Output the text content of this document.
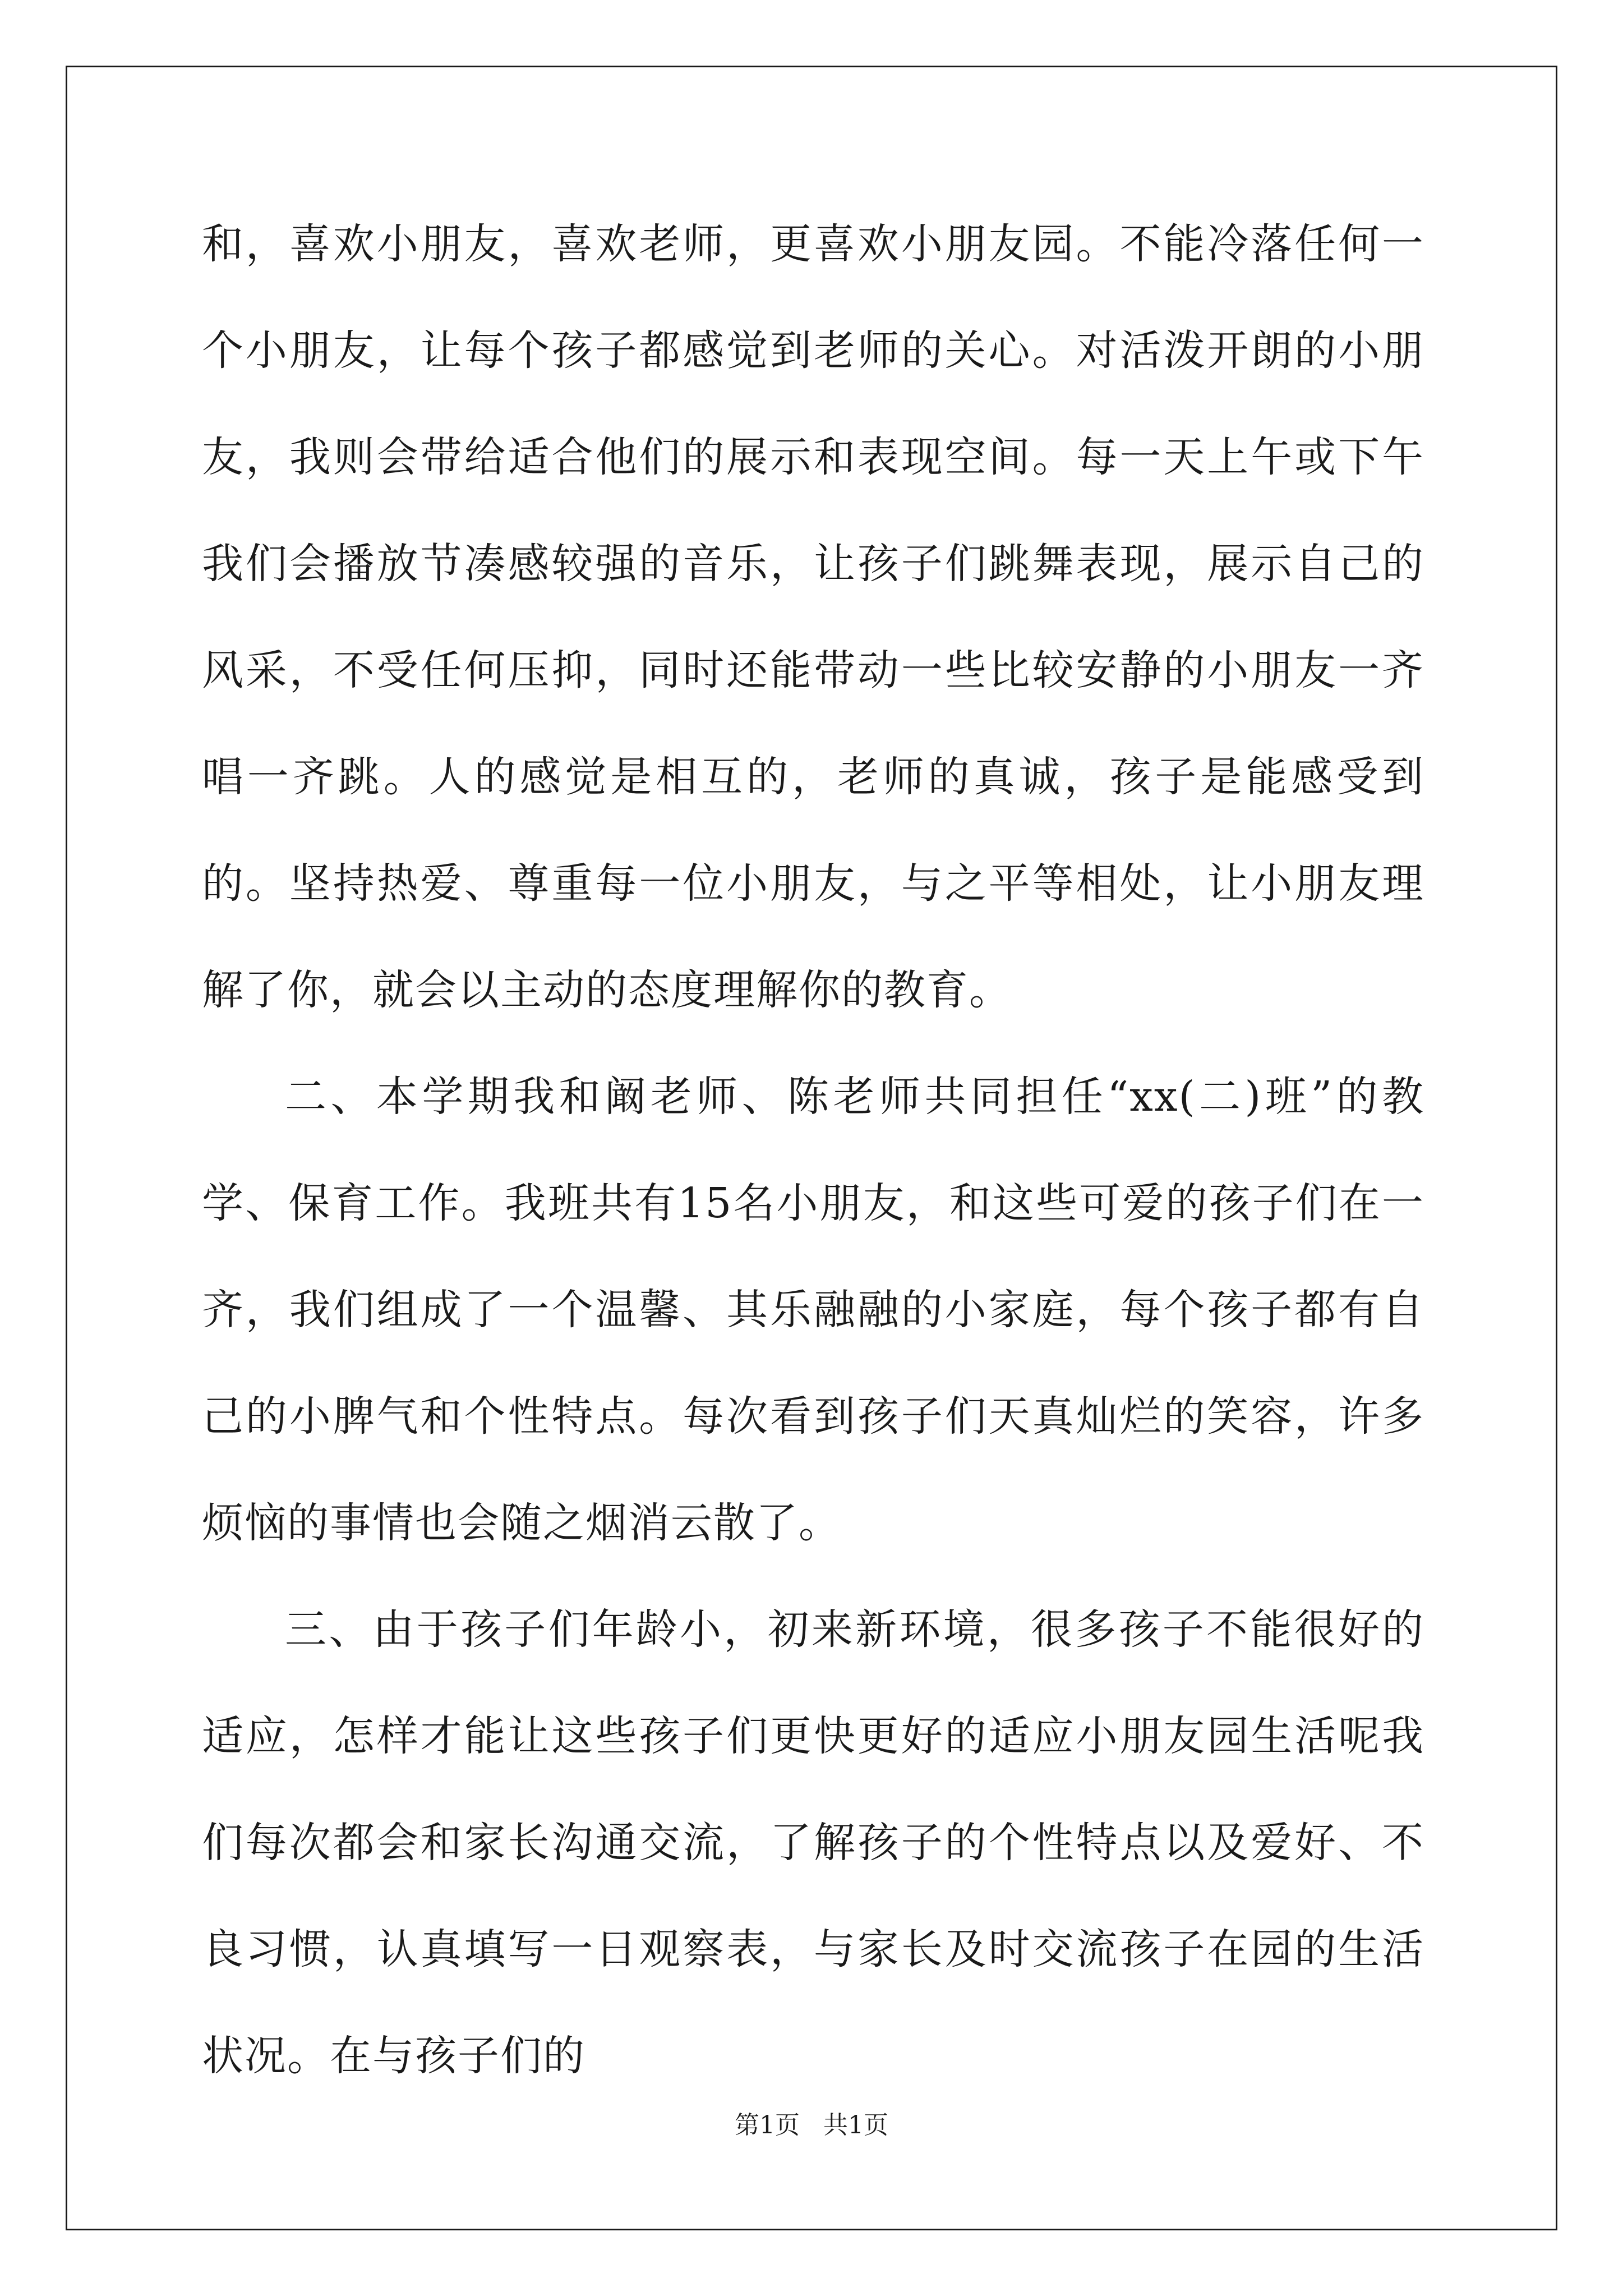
和，喜欢小朋友，喜欢老师，更喜欢小朋友园。不能冷落任何一个小朋友，让每个孩子都感觉到老师的关心。对活泼开朗的小朋友，我则会带给适合他们的展示和表现空间。每一天上午或下午我们会播放节凑感较强的音乐，让孩子们跳舞表现，展示自己的风采，不受任何压抑，同时还能带动一些比较安静的小朋友一齐唱一齐跳。人的感觉是相互的，老师的真诚，孩子是能感受到的。坚持热爱、尊重每一位小朋友，与之平等相处，让小朋友理解了你，就会以主动的态度理解你的教育。

二、本学期我和阚老师、陈老师共同担任“xx(二)班”的教学、保育工作。我班共有15名小朋友，和这些可爱的孩子们在一齐，我们组成了一个温馨、其乐融融的小家庭，每个孩子都有自己的小脾气和个性特点。每次看到孩子们天真灿烂的笑容，许多烦恼的事情也会随之烟消云散了。

三、由于孩子们年龄小，初来新环境，很多孩子不能很好的适应，怎样才能让这些孩子们更快更好的适应小朋友园生活呢我们每次都会和家长沟通交流，了解孩子的个性特点以及爱好、不良习惯，认真填写一日观察表，与家长及时交流孩子在园的生活状况。在与孩子们的

第1页   共1页
